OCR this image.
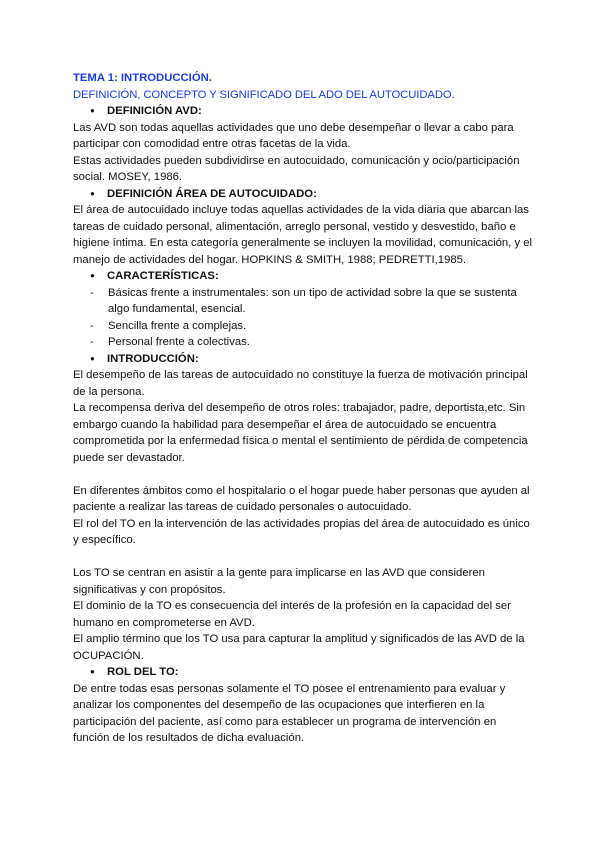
TEMA 1: INTRODUCCIÓN.
DEFINICIÓN, CONCEPTO Y SIGNIFICADO DEL ADO DEL AUTOCUIDADO.
● DEFINICIÓN AVD:

Las AVD son todas aquellas actividades que uno debe desempeñar o llevar a cabo para participar con comodidad entre otras facetas de la vida.

Estas actividades pueden subdividirse en autocuidado, comunicación y ocio/participación social. MOSEY, 1986.

● DEFINICIÓN ÁREA DE AUTOCUIDADO:

El área de autocuidado incluye todas aquellas actividades de la vida diaria que abarcan las tareas de cuidado personal, alimentación, arreglo personal, vestido y desvestido, baño e higiene íntima. En esta categoría generalmente se incluyen la movilidad, comunicación, y el manejo de actividades del hogar. HOPKINS & SMITH, 1988; PEDRETTI,1985.

● CARACTERÍSTICAS:
- Básicas frente a instrumentales: son un tipo de actividad sobre la que se sustenta algo fundamental, esencial.
- Sencilla frente a complejas.
- Personal frente a colectivas.
● INTRODUCCIÓN:

El desempeño de las tareas de autocuidado no constituye la fuerza de motivación principal de la persona.

La recompensa deriva del desempeño de otros roles: trabajador, padre, deportista,etc. Sin embargo cuando la habilidad para desempeñar el área de autocuidado se encuentra comprometida por la enfermedad física o mental el sentimiento de pérdida de competencia puede ser devastador.

En diferentes ámbitos como el hospitalario o el hogar puede haber personas que ayuden al paciente a realizar las tareas de cuidado personales o autocuidado.

El rol del TO en la intervención de las actividades propias del área de autocuidado es único y específico.

Los TO se centran en asistir a la gente para implicarse en las AVD que consideren significativas y con propósitos.

El dominio de la TO es consecuencia del interés de la profesión en la capacidad del ser humano en comprometerse en AVD.

El amplio término que los TO usa para capturar la amplitud y significados de las AVD de la OCUPACIÓN.

● ROL DEL TO:

De entre todas esas personas solamente el TO posee el entrenamiento para evaluar y analizar los componentes del desempeño de las ocupaciones que interfieren en la participación del paciente, así como para establecer un programa de intervención en función de los resultados de dicha evaluación.
